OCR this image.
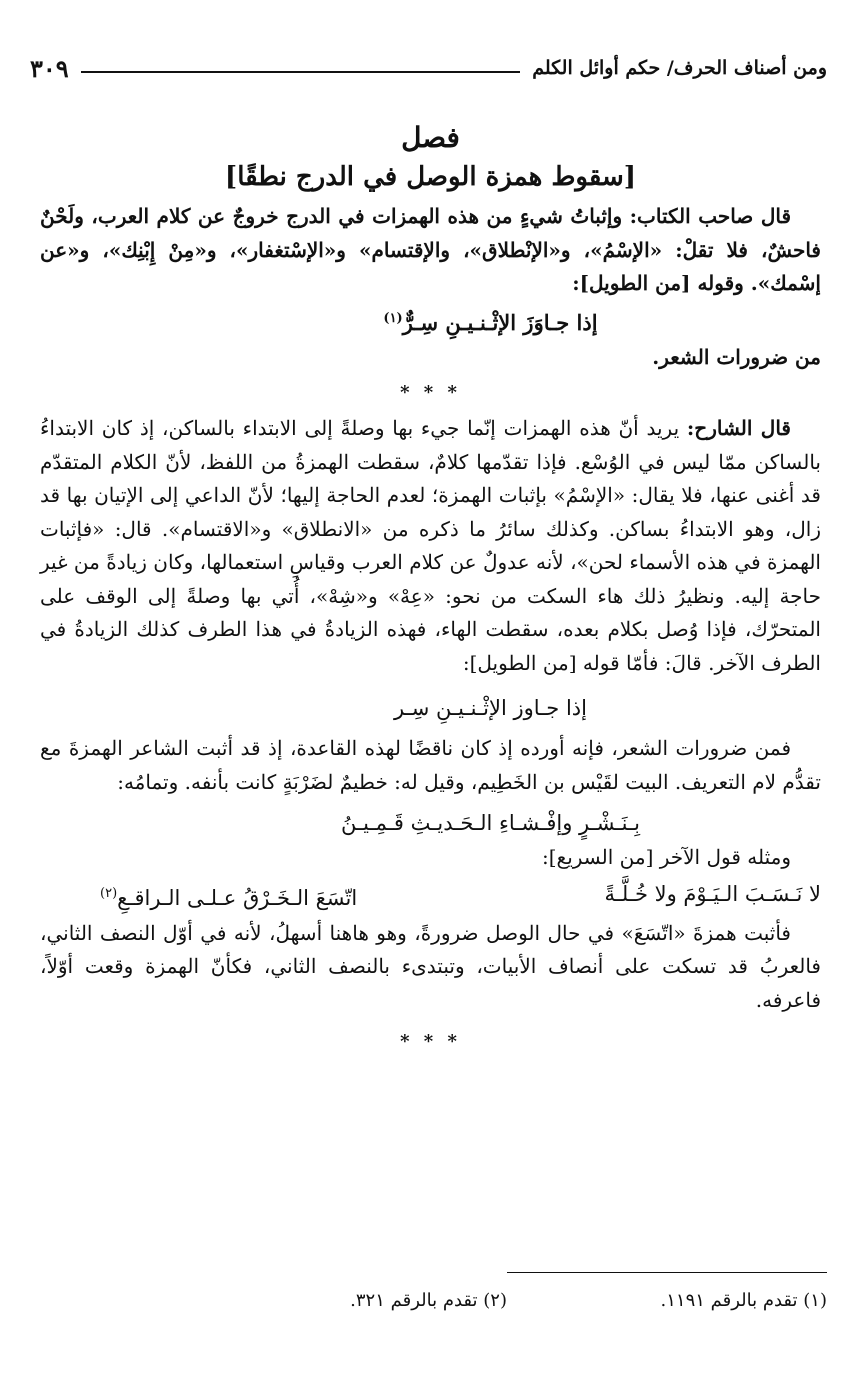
ومن أصناف الحرف/ حكم أوائل الكلم
٣٠٩
فصل
[سقوط همزة الوصل في الدرج نطقًا]

قال صاحب الكتاب: وإثباتُ شيءٍ من هذه الهمزات في الدرج خروجٌ عن كلام العرب، ولَحْنٌ فاحشٌ، فلا تقلْ: «الإسْمُ»، و«الإنْطلاق»، والإقتسام» و«الإسْتغفار»، و«مِنْ إِبْنِك»، و«عن إسْمك». وقوله [من الطويل]:

إذا جـاوَزَ الإثْـنـيـنِ سِـرٌّ$^{(١)}$

من ضرورات الشعر.

* * *

قال الشارح: يريد أنّ هذه الهمزات إنّما جيء بها وصلةً إلى الابتداء بالساكن، إذ كان الابتداءُ بالساكن ممّا ليس في الوُسْع. فإذا تقدّمها كلامٌ، سقطت الهمزةُ من اللفظ، لأنّ الكلام المتقدّم قد أغنى عنها، فلا يقال: «الإسْمُ» بإثبات الهمزة؛ لعدم الحاجة إليها؛ لأنّ الداعي إلى الإتيان بها قد زال، وهو الابتداءُ بساكن. وكذلك سائرُ ما ذكره من «الانطلاق» و«الاقتسام». قال: «فإثبات الهمزة في هذه الأسماء لحن»، لأنه عدولٌ عن كلام العرب وقياسِ استعمالها، وكان زيادةً من غير حاجة إليه. ونظيرُ ذلك هاء السكت من نحو: «عِهْ» و«شِهْ»، أُتي بها وصلةً إلى الوقف على المتحرّك، فإذا وُصل بكلام بعده، سقطت الهاء، فهذه الزيادةُ في هذا الطرف كذلك الزيادةُ في الطرف الآخر. قالَ: فأمّا قوله [من الطويل]:

إذا جـاوز الإثْـنـيـنِ سِـر

فمن ضرورات الشعر، فإنه أورده إذ كان ناقضًا لهذه القاعدة، إذ قد أثبت الشاعر الهمزةَ مع تقدُّم لام التعريف. البيت لقَيْس بن الخَطِيم، وقيل له: خطيمٌ لضَرْبَةٍ كانت بأنفه. وتمامُه:

بِـنَـشْـرٍ وإفْـشـاءِ الـحَـديـثِ قَـمِـيـنُ

ومثله قول الآخر [من السريع]:

لا نَـسَـبَ الـيَـوْمَ ولا خُـلَّـةً
اتّسَعَ الـخَـرْقُ عـلـى الـراقـعِ$^{(٢)}$

فأثبت همزةَ «اتّسَعَ» في حال الوصل ضرورةً، وهو هاهنا أسهلُ، لأنه في أوّل النصف الثاني، فالعربُ قد تسكت على أنصاف الأبيات، وتبتدىء بالنصف الثاني، فكأنّ الهمزة وقعت أوّلاً، فاعرفه.

* * *
(١) تقدم بالرقم ١١٩١.
(٢) تقدم بالرقم ٣٢١.
